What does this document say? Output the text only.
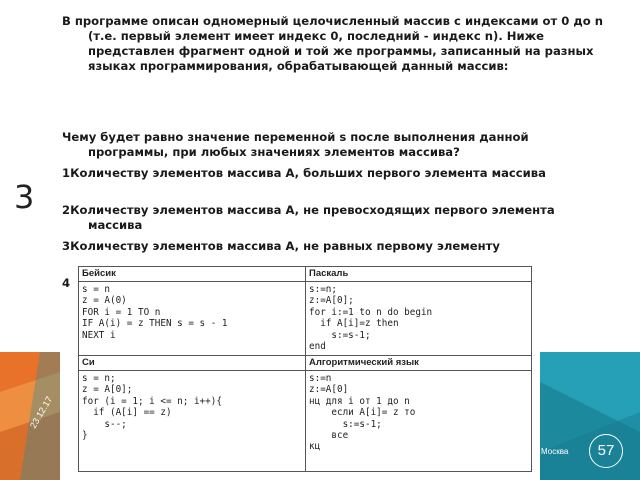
3
В программе описан одномерный целочисленный массив с индексами от 0 до n (т.е. первый элемент имеет индекс 0, последний - индекс n). Ниже представлен фрагмент одной и той же программы, записанный на разных языках программирования, обрабатывающей данный массив:
Чему будет равно значение переменной s после выполнения данной программы, при любых значениях элементов массива?
1Количеству элементов массива A, больших первого элемента массива
2Количеству элементов массива A, не превосходящих первого элемента массива
3Количеству элементов массива A, не равных первому элементу
4
Бейсик
s = n
z = A(0)
FOR i = 1 TO n
IF A(i) = z THEN s = s - 1
NEXT i
Паскаль
s:=n;
z:=A[0];
for i:=1 to n do begin
if A[i]=z then
s:=s-1;
end
Си
s = n;
z = A[0];
for (i = 1; i <= n; i++){
if (A[i] == z)
s--;
}
Алгоритмический язык
s:=n
z:=A[0]
нц для i от 1 до n
если A[i]= z то
s:=s-1;
все
кц
23.12.17
Москва	57
